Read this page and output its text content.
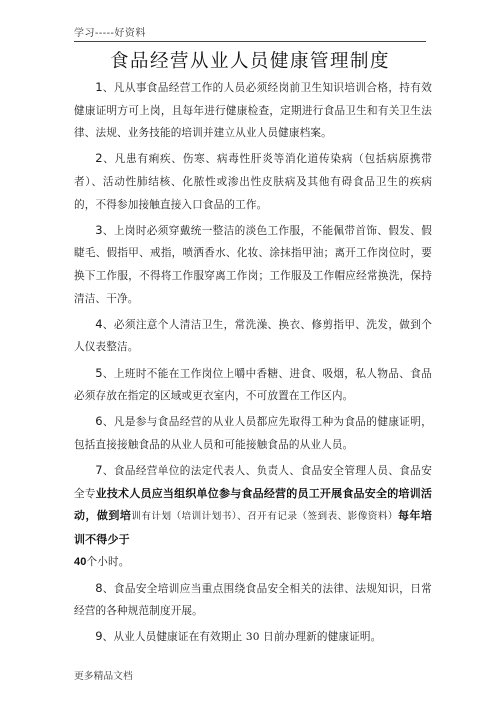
学习-----好资料
食品经营从业人员健康管理制度

1、凡从事食品经营工作的人员必须经岗前卫生知识培训合格，持有效健康证明方可上岗，且每年进行健康检查，定期进行食品卫生和有关卫生法律、法规、业务技能的培训并建立从业人员健康档案。

2、凡患有痢疾、伤寒、病毒性肝炎等消化道传染病（包括病原携带者）、活动性肺结核、化脓性或渗出性皮肤病及其他有碍食品卫生的疾病的，不得参加接触直接入口食品的工作。

3、上岗时必须穿戴统一整洁的淡色工作服，不能佩带首饰、假发、假睫毛、假指甲、戒指，喷洒香水、化妆、涂抹指甲油；离开工作岗位时，要换下工作服，不得将工作服穿离工作岗；工作服及工作帽应经常换洗，保持清洁、干净。

4、必须注意个人清洁卫生，常洗澡、换衣、修剪指甲、洗发，做到个人仪表整洁。

5、上班时不能在工作岗位上嚼中香糖、进食、吸烟，私人物品、食品必须存放在指定的区域或更衣室内，不可放置在工作区内。

6、凡是参与食品经营的从业人员都应先取得工种为食品的健康证明，包括直接接触食品的从业人员和可能接触食品的从业人员。

7、食品经营单位的法定代表人、负责人、食品安全管理人员、食品安全专业技术人员应当组织单位参与食品经营的员工开展食品安全的培训活动，做到培训有计划（培训计划书）、召开有记录（签到表、影像资料）每年培训不得少于
40个小时。

8、食品安全培训应当重点围绕食品安全相关的法律、法规知识，日常经营的各种规范制度开展。

9、从业人员健康证在有效期止 30 日前办理新的健康证明。

更多精品文档
